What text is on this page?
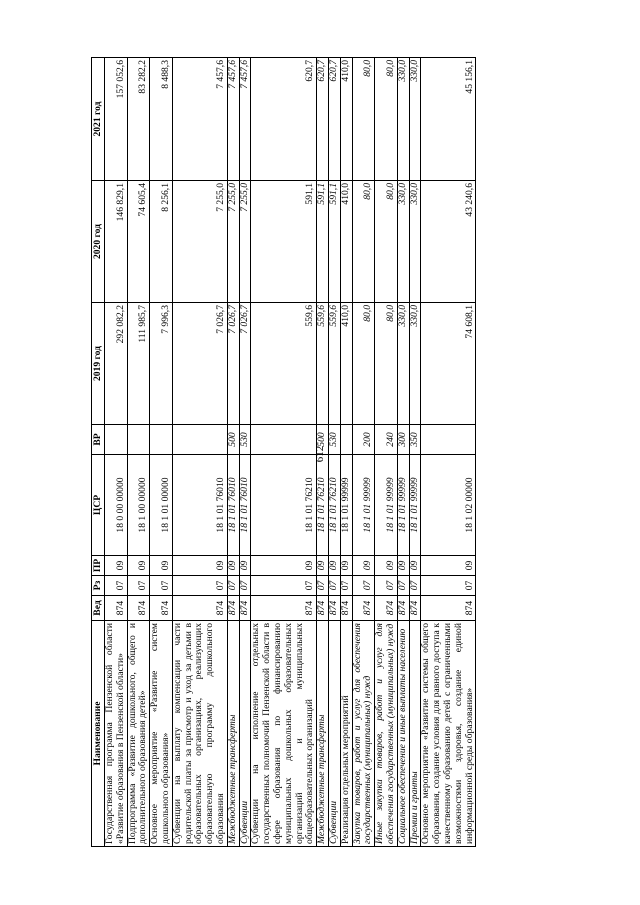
612
Наименование	Вед	Рз	ПР	ЦСР	ВР	2019 год	2020 год	2021 год
Государственная программа Пензенской области «Развитие образования в Пензенской области»	874	07	09	18 0 00 00000		292 082,2	146 829,1	157 052,6
Подпрограмма «Развитие дошкольного, общего и дополнительного образования детей»	874	07	09	18 1 00 00000		111 985,7	74 605,4	83 282,2
Основное мероприятие «Развитие систем дошкольного образования»	874	07	09	18 1 01 00000		7 996,3	8 256,1	8 488,3
Субвенции на выплату компенсации части родительской платы за присмотр и уход за детьми в образовательных организациях, реализующих образовательную программу дошкольного образования	874	07	09	18 1 01 76010		7 026,7	7 255,0	7 457,6
Межбюджетные трансферты	874	07	09	18 1 01 76010	500	7 026,7	7 255,0	7 457,6
Субвенции	874	07	09	18 1 01 76010	530	7 026,7	7 255,0	7 457,6
Субвенции на исполнение отдельных государственных полномочий Пензенской области в сфере образования по финансированию муниципальных дошкольных образовательных организаций и муниципальных общеобразовательных организаций	874	07	09	18 1 01 76210		559,6	591,1	620,7
Межбюджетные трансферты	874	07	09	18 1 01 76210	500	559,6	591,1	620,7
Субвенции	874	07	09	18 1 01 76210	530	559,6	591,1	620,7
Реализация отдельных мероприятий	874	07	09	18 1 01 99999		410,0	410,0	410,0
Закупка товаров, работ и услуг для обеспечения государственных (муниципальных) нужд	874	07	09	18 1 01 99999	200	80,0	80,0	80,0
Иные закупки товаров, работ и услуг для обеспечения государственных (муниципальных) нужд	874	07	09	18 1 01 99999	240	80,0	80,0	80,0
Социальное обеспечение и иные выплаты населению	874	07	09	18 1 01 99999	300	330,0	330,0	330,0
Премии и гранты	874	07	09	18 1 01 99999	350	330,0	330,0	330,0
Основное мероприятие «Развитие системы общего образования, создание условия для равного доступа к качественному образованию детей с ограниченными возможностями здоровья, создание единой информационной среды образования»	874	07	09	18 1 02 00000		74 608,1	43 240,6	45 156,1
